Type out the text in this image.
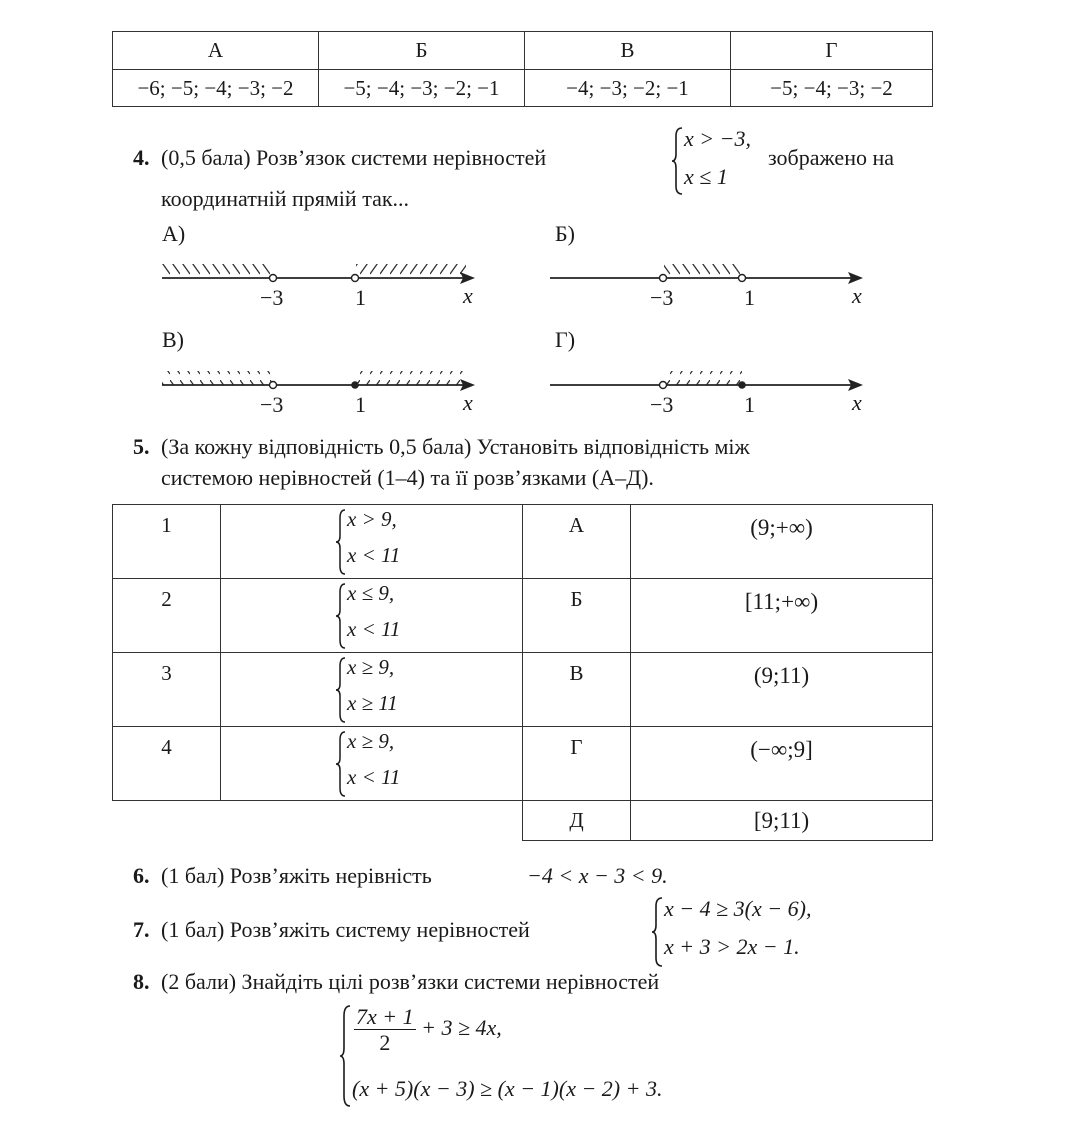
А	Б	В	Г
−6; −5; −4; −3; −2	−5; −4; −3; −2; −1	−4; −3; −2; −1	−5; −4; −3; −2
4. (0,5 бала) Розв’язок системи нерівностей
x > −3,
x ≤ 1
зображено на
координатній прямій так...
А)
−3	1	x
Б)
−3	1	x
В)
−3	1	x
Г)
−3	1	x
5. (За кожну відповідність 0,5 бала) Установіть відповідність між
системою нерівностей (1–4) та її розв’язками (А–Д).
1	x > 9,
x < 11	А	(9;+∞)
2	x ≤ 9,
x < 11	Б	[11;+∞)
3	x ≥ 9,
x ≥ 11	В	(9;11)
4	x ≥ 9,
x < 11	Г	(−∞;9]
		Д	[9;11)
6. (1 бал) Розв’яжіть нерівність	−4 < x − 3 < 9.
7. (1 бал) Розв’яжіть систему нерівностей
x − 4 ≥ 3(x − 6),
x + 3 > 2x − 1.
8. (2 бали) Знайдіть цілі розв’язки системи нерівностей
$\frac{7x + 1}{2} + 3 \ge 4x$,
(x + 5)(x − 3) ≥ (x − 1)(x − 2) + 3.
